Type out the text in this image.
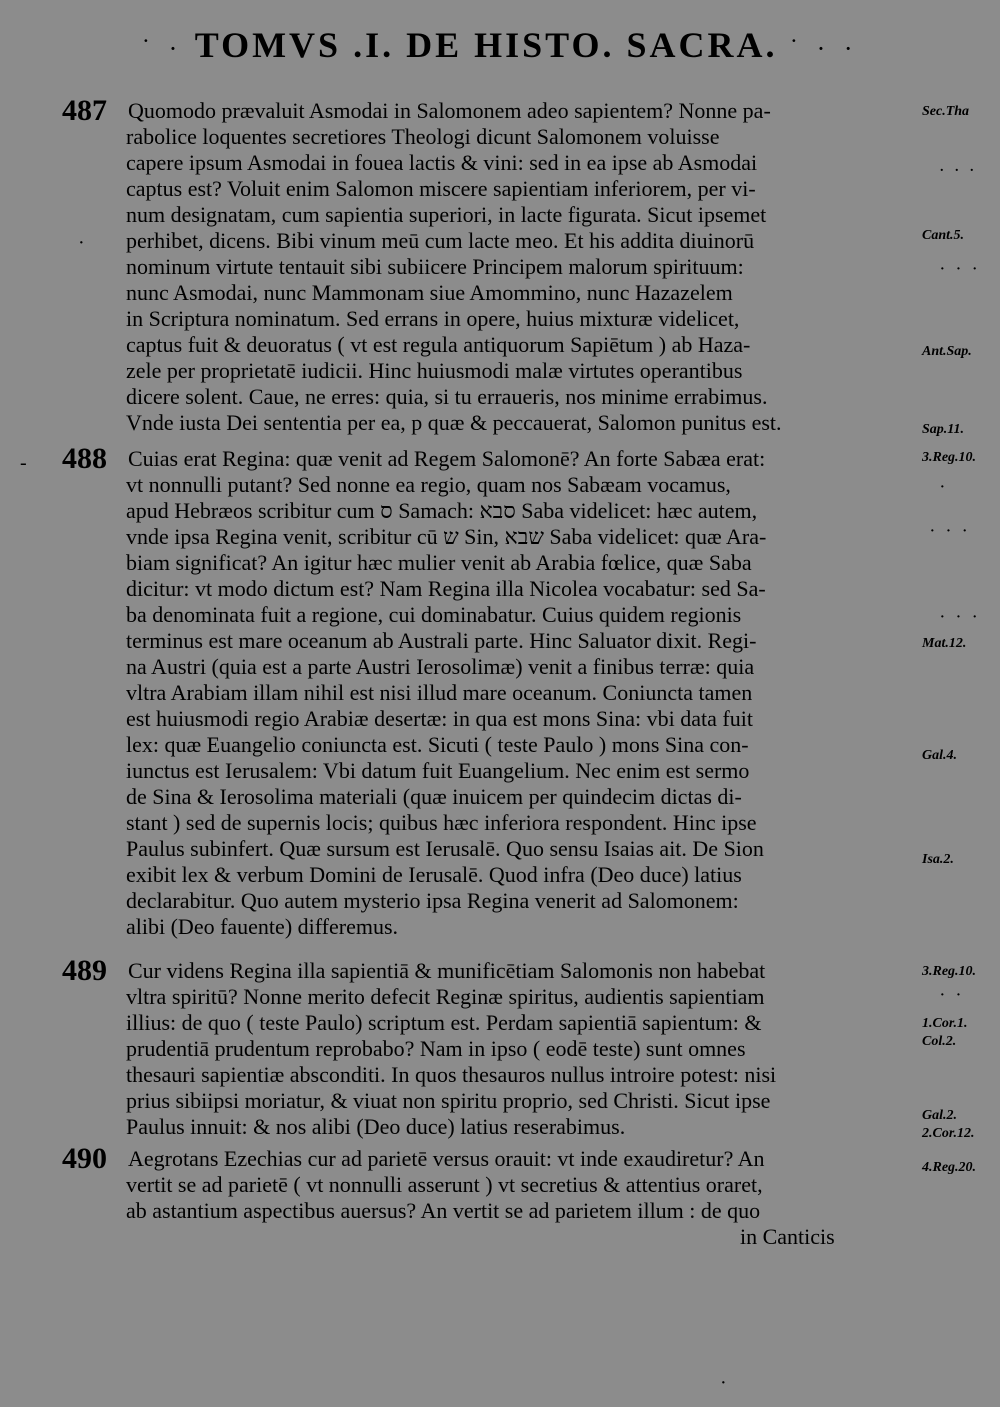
˙ · TOMVS .I. DE HISTO. SACRA. ˙ · ·
487 Quomodo prævaluit Asmodai in Salomonem adeo sapientem? Nonne pa-
rabolice loquentes secretiores Theologi dicunt Salomonem voluisse
capere ipsum Asmodai in fouea lactis & vini: sed in ea ipse ab Asmodai
captus est? Voluit enim Salomon miscere sapientiam inferiorem, per vi-
num designatam, cum sapientia superiori, in lacte figurata. Sicut ipsemet
perhibet, dicens. Bibi vinum meū cum lacte meo. Et his addita diuinorū
nominum virtute tentauit sibi subiicere Principem malorum spirituum:
nunc Asmodai, nunc Mammonam siue Amommino, nunc Hazazelem
in Scriptura nominatum. Sed errans in opere, huius mixturæ videlicet,
captus fuit & deuoratus ( vt est regula antiquorum Sapiētum ) ab Haza-
zele per proprietatē iudicii. Hinc huiusmodi malæ virtutes operantibus
dicere solent. Caue, ne erres: quia, si tu erraueris, nos minime errabimus.
Vnde iusta Dei sententia per ea, p quæ & peccauerat, Salomon punitus est.
Sec.Tha
Cant.5.
Ant.Sap.
Sap.11.
. . .
· · ·
·
488 Cuias erat Regina: quæ venit ad Regem Salomonē? An forte Sabæa erat:
vt nonnulli putant? Sed nonne ea regio, quam nos Sabæam vocamus,
apud Hebræos scribitur cum ס Samach: סבא Saba videlicet: hæc autem,
vnde ipsa Regina venit, scribitur cū ש Sin, שבא Saba videlicet: quæ Ara-
biam significat? An igitur hæc mulier venit ab Arabia fœlice, quæ Saba
dicitur: vt modo dictum est? Nam Regina illa Nicolea vocabatur: sed Sa-
ba denominata fuit a regione, cui dominabatur. Cuius quidem regionis
terminus est mare oceanum ab Australi parte. Hinc Saluator dixit. Regi-
na Austri (quia est a parte Austri Ierosolimæ) venit a finibus terræ: quia
vltra Arabiam illam nihil est nisi illud mare oceanum. Coniuncta tamen
est huiusmodi regio Arabiæ desertæ: in qua est mons Sina: vbi data fuit
lex: quæ Euangelio coniuncta est. Sicuti ( teste Paulo ) mons Sina con-
iunctus est Ierusalem: Vbi datum fuit Euangelium. Nec enim est sermo
de Sina & Ierosolima materiali (quæ inuicem per quindecim dictas di-
stant ) sed de supernis locis; quibus hæc inferiora respondent. Hinc ipse
Paulus subinfert. Quæ sursum est Ierusalē. Quo sensu Isaias ait. De Sion
exibit lex & verbum Domini de Ierusalē. Quod infra (Deo duce) latius
declarabitur. Quo autem mysterio ipsa Regina venerit ad Salomonem:
alibi (Deo fauente) differemus.
3.Reg.10.
Mat.12.
Gal.4.
Isa.2.
·
· · ·
· · ·
-
489 Cur videns Regina illa sapientiā & munificētiam Salomonis non habebat
vltra spiritū? Nonne merito defecit Reginæ spiritus, audientis sapientiam
illius: de quo ( teste Paulo) scriptum est. Perdam sapientiā sapientum: &
prudentiā prudentum reprobabo? Nam in ipso ( eodē teste) sunt omnes
thesauri sapientiæ absconditi. In quos thesauros nullus introire potest: nisi
prius sibiipsi moriatur, & viuat non spiritu proprio, sed Christi. Sicut ipse
Paulus innuit: & nos alibi (Deo duce) latius reserabimus.
3.Reg.10.
1.Cor.1.
Col.2.
Gal.2.
2.Cor.12.
· ·
490 Aegrotans Ezechias cur ad parietē versus orauit: vt inde exaudiretur? An
vertit se ad parietē ( vt nonnulli asserunt ) vt secretius & attentius oraret,
ab astantium aspectibus auersus? An vertit se ad parietem illum : de quo
in Canticis
4.Reg.20.
·
